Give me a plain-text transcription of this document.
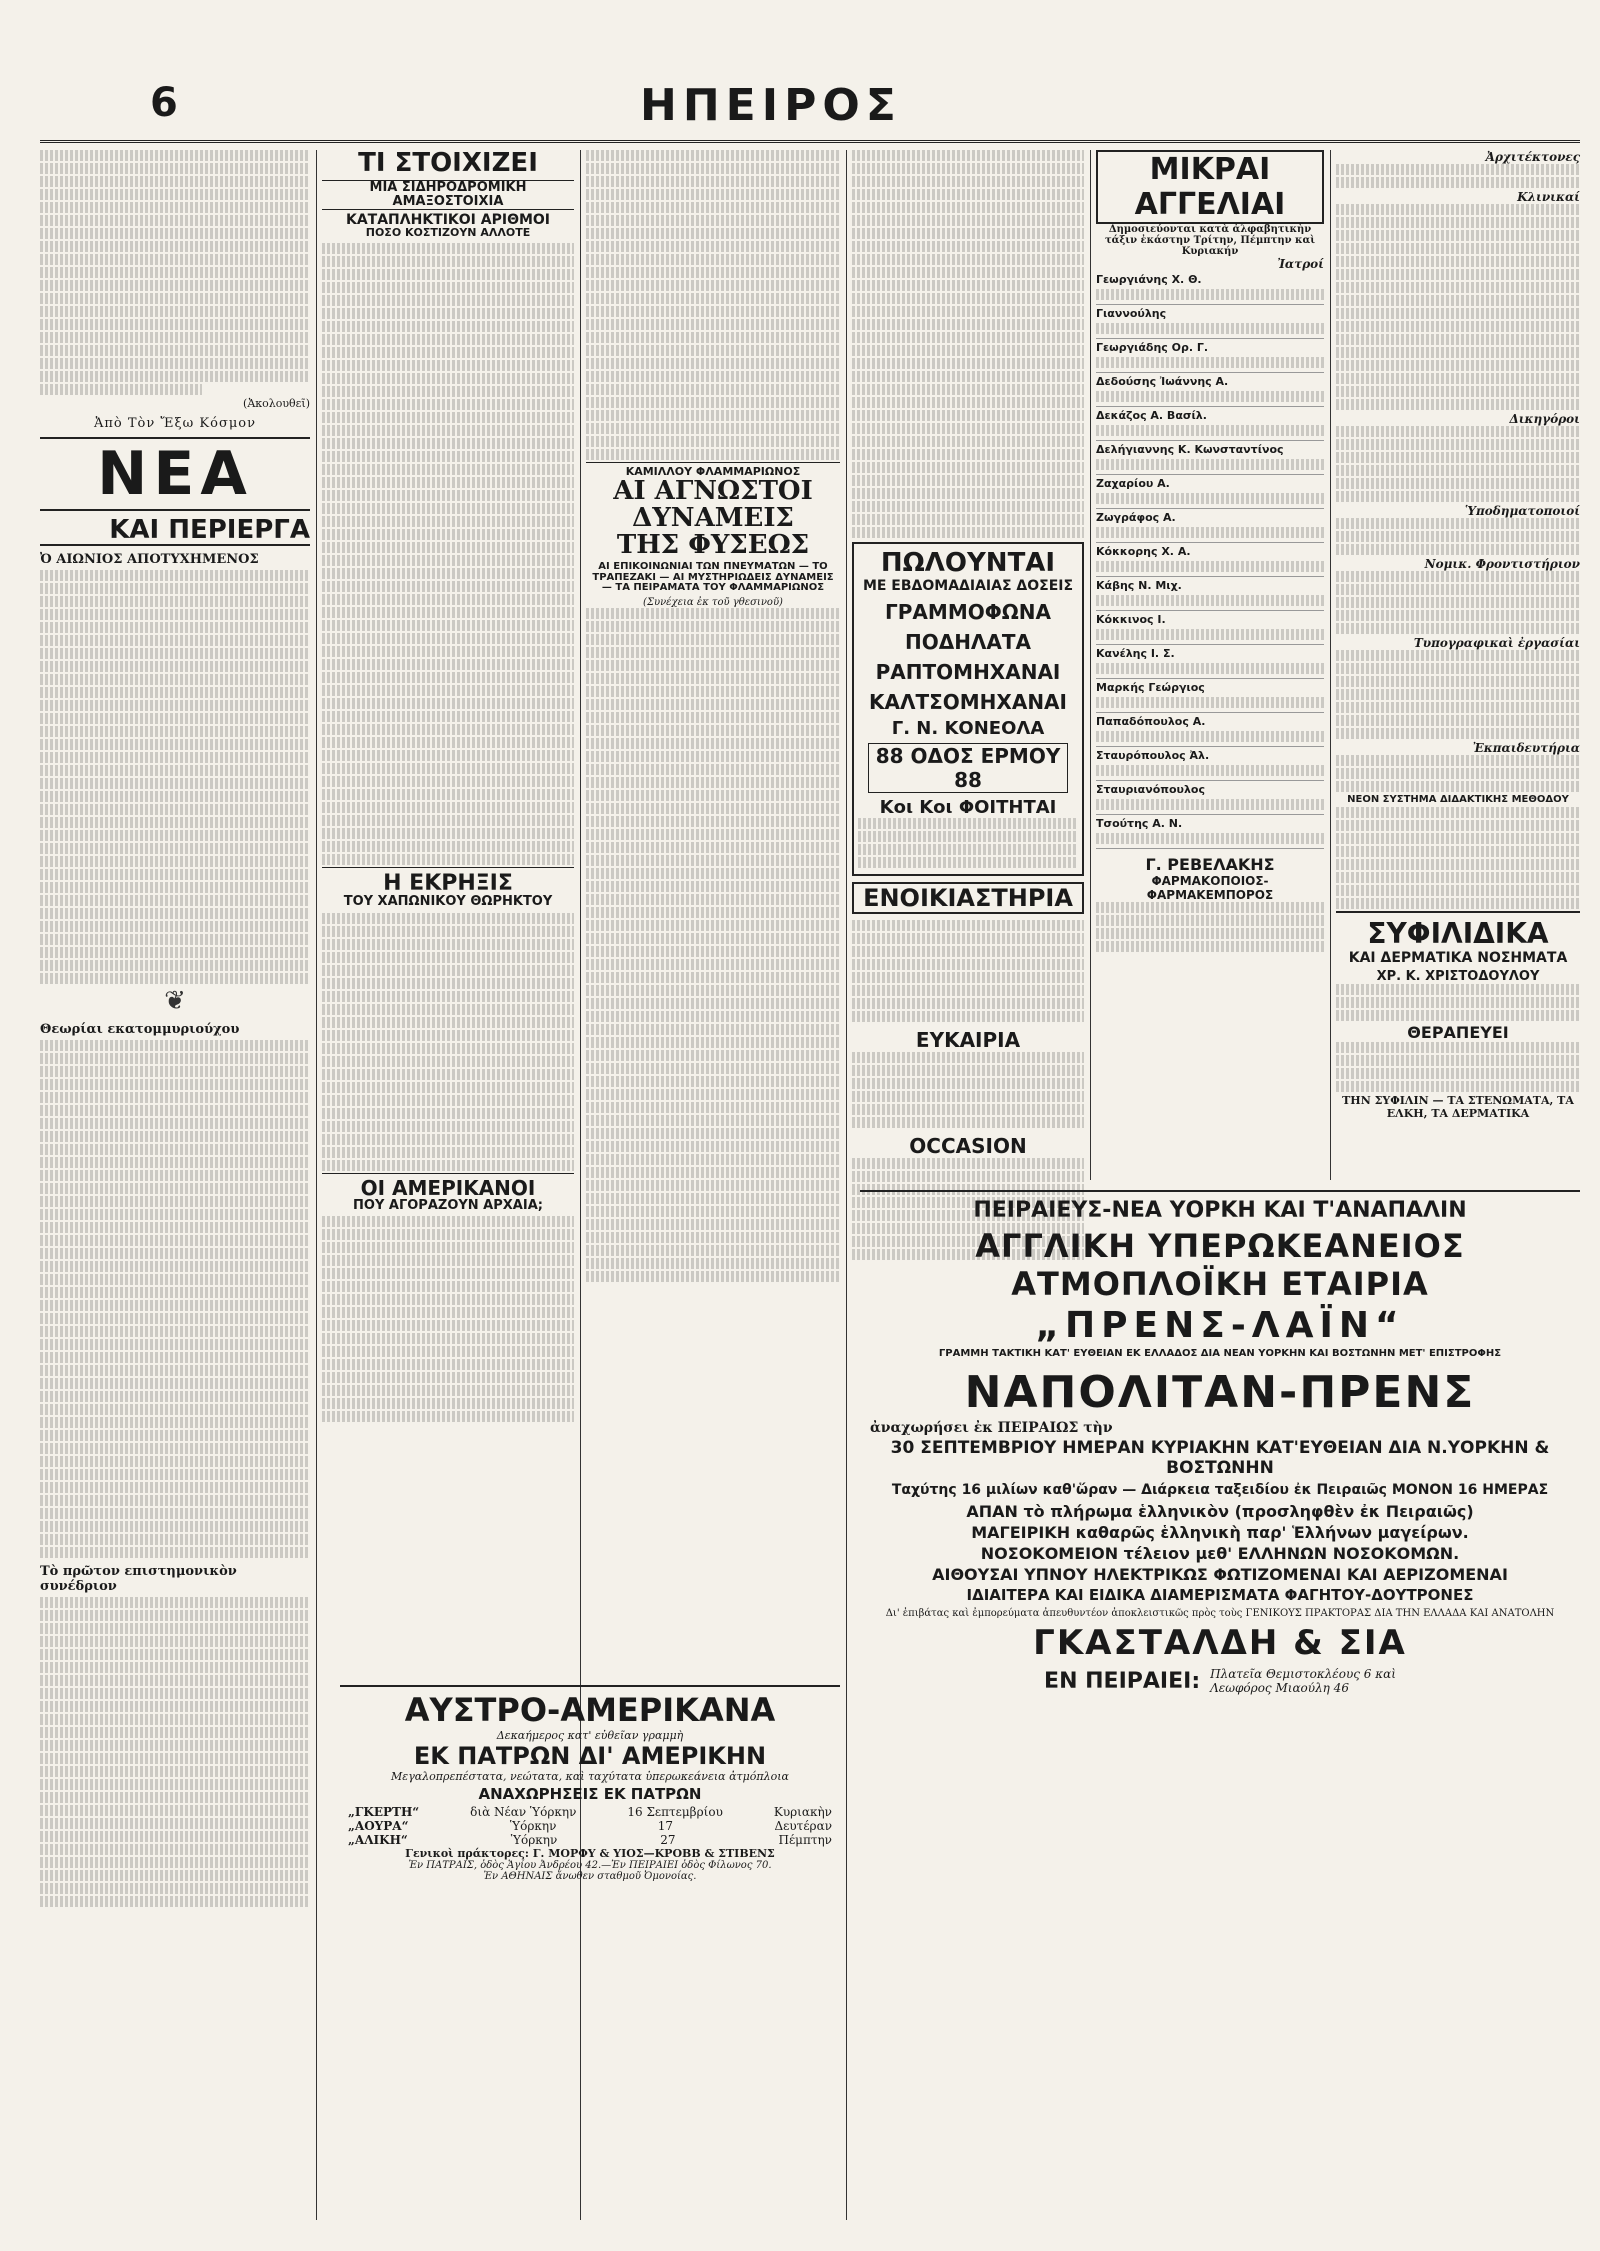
6	ΗΠΕΙΡΟΣ
(Ἀκολουθεῖ)
Ἀπὸ Τὸν Ἔξω Κόσμον
ΝΕΑ
ΚΑΙ ΠΕΡΙΕΡΓΑ
Ὀ ΑΙΩΝΙΟΣ ΑΠΟΤΥΧΗΜΕΝΟΣ
❦
Θεωρίαι εκατομμυριούχου
Τὸ πρῶτον επιστημονικὸν συνέδριον
ΤΙ ΣΤΟΙΧΙΖΕΙ
ΜΙΑ ΣΙΔΗΡΟΔΡΟΜΙΚΗ ΑΜΑΞΟΣΤΟΙΧΙΑ
ΚΑΤΑΠΛΗΚΤΙΚΟΙ ΑΡΙΘΜΟΙ
ΠΟΣΟ ΚΟΣΤΙΖΟΥΝ ΑΛΛΟΤΕ
Η ΕΚΡΗΞΙΣ
ΤΟΥ ΧΑΠΩΝΙΚΟΥ ΘΩΡΗΚΤΟΥ
ΟΙ ΑΜΕΡΙΚΑΝΟΙ
ΠΟΥ ΑΓΟΡΑΖΟΥΝ ΑΡΧΑΙΑ;
ΚΑΜΙΛΛΟΥ ΦΛΑΜΜΑΡΙΩΝΟΣ
ΑΙ ΑΓΝΩΣΤΟΙ ΔΥΝΑΜΕΙΣ
ΤΗΣ ΦΥΣΕΩΣ
ΑΙ ΕΠΙΚΟΙΝΩΝΙΑΙ ΤΩΝ ΠΝΕΥΜΑΤΩΝ — ΤΟ ΤΡΑΠΕΖΑΚΙ — ΑΙ ΜΥΣΤΗΡΙΩΔΕΙΣ ΔΥΝΑΜΕΙΣ — ΤΑ ΠΕΙΡΑΜΑΤΑ ΤΟΥ ΦΛΑΜΜΑΡΙΩΝΟΣ
(Συνέχεια ἐκ τοῦ γθεσινοῦ)
ΑΥΣΤΡΟ-ΑΜΕΡΙΚΑΝΑ
Δεκαήμερος κατ' εὐθεῖαν γραμμὴ
ΕΚ ΠΑΤΡΩΝ ΔΙ' ΑΜΕΡΙΚΗΝ
Μεγαλοπρεπέστατα, νεώτατα, καὶ ταχύτατα ὑπερωκεάνεια ἀτμόπλοια
ΑΝΑΧΩΡΗΣΕΙΣ ΕΚ ΠΑΤΡΩΝ
„ΓΚΕΡΤΗ“	διὰ Νέαν Ὑόρκην	16 Σεπτεμβρίου	Κυριακὴν
„ΑΟΥΡΑ“	Ὑόρκην	17	Δευτέραν
„ΑΛΙΚΗ“	Ὑόρκην	27	Πέμπτην
Γενικοὶ πράκτορες: Γ. ΜΟΡΦΥ & ΥΙΟΣ—ΚΡΟΒΒ & ΣΤΙΒΕΝΣ
Ἐν ΠΑΤΡΑΙΣ, ὁδὸς Ἁγίου Ἀνδρέου 42.—Ἐν ΠΕΙΡΑΙΕΙ ὁδὸς Φίλωνος 70.
Ἐν ΑΘΗΝΑΙΣ ἄνωθεν σταθμοῦ Ὀμονοίας.
ΠΩΛΟΥΝΤΑΙ
ΜΕ ΕΒΔΟΜΑΔΙΑΙΑΣ ΔΟΣΕΙΣ
ΓΡΑΜΜΟΦΩΝΑ
ΠΟΔΗΛΑΤΑ
ΡΑΠΤΟΜΗΧΑΝΑΙ
ΚΑΛΤΣΟΜΗΧΑΝΑΙ
Γ. Ν. ΚΟΝΕΟΛΑ
88 ΟΔΟΣ ΕΡΜΟΥ 88
Κοι Κοι ΦΟΙΤΗΤΑΙ
ΕΝΟΙΚΙΑΣΤΗΡΙΑ
ΕΥΚΑΙΡΙΑ
OCCASION
ΜΙΚΡΑΙ ΑΓΓΕΛΙΑΙ
Δημοσιεύονται κατὰ ἀλφαβητικὴν τάξιν ἐκάστην Τρίτην, Πέμπτην καὶ Κυριακήν
Ἰατροί
Γεωργιάνης Χ. Θ.
Γιαννούλης
Γεωργιάδης Ορ. Γ.
Δεδούσης Ἰωάννης Α.
Δεκάζος Α. Βασίλ.
Δελήγιαννης Κ. Κωνσταντίνος
Ζαχαρίου Α.
Ζωγράφος Α.
Κόκκορης Χ. Α.
Κάβης Ν. Μιχ.
Κόκκινος Ι.
Κανέλης Ι. Σ.
Μαρκής Γεώργιος
Παπαδόπουλος Α.
Σταυρόπουλος Ἀλ.
Σταυριανόπουλος
Τσούτης Α. Ν.
Γ. ΡΕΒΕΛΑΚΗΣ
ΦΑΡΜΑΚΟΠΟΙΟΣ-ΦΑΡΜΑΚΕΜΠΟΡΟΣ
Ἀρχιτέκτονες
Κλινικαί
Δικηγόροι
Ὑποδηματοποιοί
Νομικ. Φροντιστήριον
Τυπογραφικαὶ ἐργασίαι
Ἐκπαιδευτήρια
ΝΕΟΝ ΣΥΣΤΗΜΑ ΔΙΔΑΚΤΙΚΗΣ ΜΕΘΟΔΟΥ
ΣΥΦΙΛΙΔΙΚΑ
ΚΑΙ ΔΕΡΜΑΤΙΚΑ ΝΟΣΗΜΑΤΑ
ΧΡ. Κ. ΧΡΙΣΤΟΔΟΥΛΟΥ
ΘΕΡΑΠΕΥΕΙ
ΤΗΝ ΣΥΦΙΛΙΝ — ΤΑ ΣΤΕΝΩΜΑΤΑ, ΤΑ ΕΛΚΗ, ΤΑ ΔΕΡΜΑΤΙΚΑ
ΠΕΙΡΑΙΕΥΣ-ΝΕΑ ΥΟΡΚΗ ΚΑΙ Τ'ΑΝΑΠΑΛΙΝ
ΑΓΓΛΙΚΗ ΥΠΕΡΩΚΕΑΝΕΙΟΣ ΑΤΜΟΠΛΟΪΚΗ ΕΤΑΙΡΙΑ
„ΠΡΕΝΣ-ΛΑΪΝ“
ΓΡΑΜΜΗ ΤΑΚΤΙΚΗ ΚΑΤ' ΕΥΘΕΙΑΝ ΕΚ ΕΛΛΑΔΟΣ ΔΙΑ ΝΕΑΝ ΥΟΡΚΗΝ ΚΑΙ ΒΟΣΤΩΝΗΝ ΜΕΤ' ΕΠΙΣΤΡΟΦΗΣ
ΝΑΠΟΛΙΤΑΝ-ΠΡΕΝΣ
ἀναχωρήσει ἐκ ΠΕΙΡΑΙΩΣ τὴν
30 ΣΕΠΤΕΜΒΡΙΟΥ ΗΜΕΡΑΝ ΚΥΡΙΑΚΗΝ ΚΑΤ'ΕΥΘΕΙΑΝ ΔΙΑ Ν.ΥΟΡΚΗΝ & ΒΟΣΤΩΝΗΝ
Ταχύτης 16 μιλίων καθ'ὥραν — Διάρκεια ταξειδίου ἐκ Πειραιῶς ΜΟΝΟΝ 16 ΗΜΕΡΑΣ
ΑΠΑΝ τὸ πλήρωμα ἑλληνικὸν (προσληφθὲν ἐκ Πειραιῶς)
ΜΑΓΕΙΡΙΚΗ καθαρῶς ἑλληνικὴ παρ' Ἑλλήνων μαγείρων.
ΝΟΣΟΚΟΜΕΙΟΝ τέλειον μεθ' ΕΛΛΗΝΩΝ ΝΟΣΟΚΟΜΩΝ.
ΑΙΘΟΥΣΑΙ ΥΠΝΟΥ ΗΛΕΚΤΡΙΚΩΣ ΦΩΤΙΖΟΜΕΝΑΙ ΚΑΙ ΑΕΡΙΖΟΜΕΝΑΙ
ΙΔΙΑΙΤΕΡΑ ΚΑΙ ΕΙΔΙΚΑ ΔΙΑΜΕΡΙΣΜΑΤΑ ΦΑΓΗΤΟΥ-ΔΟΥΤΡΟΝΕΣ
Δι' ἐπιβάτας καὶ ἐμπορεύματα ἀπευθυντέον ἀποκλειστικῶς πρὸς τοὺς ΓΕΝΙΚΟΥΣ ΠΡΑΚΤΟΡΑΣ ΔΙΑ ΤΗΝ ΕΛΛΑΔΑ ΚΑΙ ΑΝΑΤΟΛΗΝ
ΓΚΑΣΤΑΛΔΗ & ΣΙΑ
ΕΝ ΠΕΙΡΑΙΕΙ: Πλατεῖα Θεμιστοκλέους 6 καὶ
Λεωφόρος Μιαούλη 46
